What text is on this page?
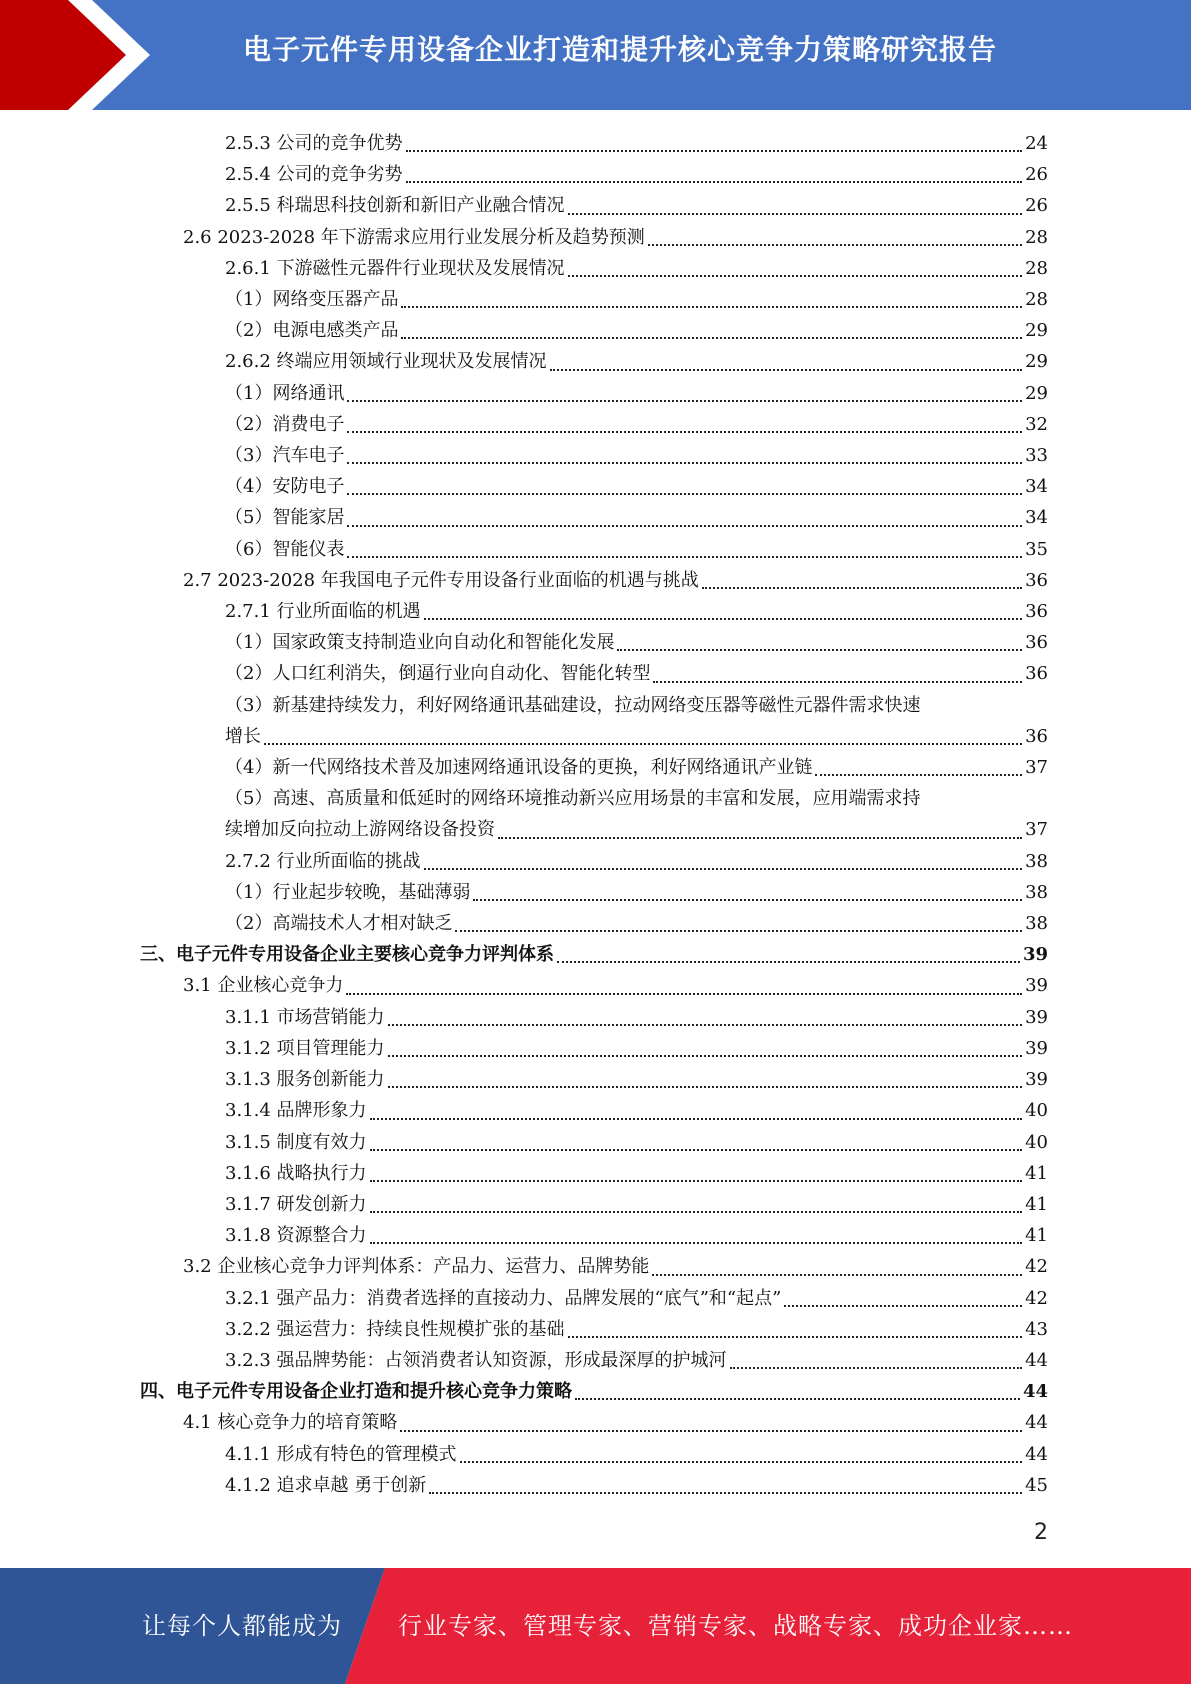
电子元件专用设备企业打造和提升核心竞争力策略研究报告
2.5.3 公司的竞争优势	24
2.5.4 公司的竞争劣势	26
2.5.5 科瑞思科技创新和新旧产业融合情况	26
2.6 2023-2028 年下游需求应用行业发展分析及趋势预测	28
2.6.1 下游磁性元器件行业现状及发展情况	28
（1）网络变压器产品	28
（2）电源电感类产品	29
2.6.2 终端应用领域行业现状及发展情况	29
（1）网络通讯	29
（2）消费电子	32
（3）汽车电子	33
（4）安防电子	34
（5）智能家居	34
（6）智能仪表	35
2.7 2023-2028 年我国电子元件专用设备行业面临的机遇与挑战	36
2.7.1 行业所面临的机遇	36
（1）国家政策支持制造业向自动化和智能化发展	36
（2）人口红利消失，倒逼行业向自动化、智能化转型	36
（3）新基建持续发力，利好网络通讯基础建设，拉动网络变压器等磁性元器件需求快速
增长	36
（4）新一代网络技术普及加速网络通讯设备的更换，利好网络通讯产业链	37
（5）高速、高质量和低延时的网络环境推动新兴应用场景的丰富和发展，应用端需求持
续增加反向拉动上游网络设备投资	37
2.7.2 行业所面临的挑战	38
（1）行业起步较晚，基础薄弱	38
（2）高端技术人才相对缺乏	38
三、电子元件专用设备企业主要核心竞争力评判体系	39
3.1 企业核心竞争力	39
3.1.1 市场营销能力	39
3.1.2 项目管理能力	39
3.1.3 服务创新能力	39
3.1.4 品牌形象力	40
3.1.5 制度有效力	40
3.1.6 战略执行力	41
3.1.7 研发创新力	41
3.1.8 资源整合力	41
3.2 企业核心竞争力评判体系：产品力、运营力、品牌势能	42
3.2.1 强产品力：消费者选择的直接动力、品牌发展的“底气”和“起点”	42
3.2.2 强运营力：持续良性规模扩张的基础	43
3.2.3 强品牌势能：占领消费者认知资源，形成最深厚的护城河	44
四、电子元件专用设备企业打造和提升核心竞争力策略	44
4.1 核心竞争力的培育策略	44
4.1.1 形成有特色的管理模式	44
4.1.2 追求卓越 勇于创新	45
2
让每个人都能成为 行业专家、管理专家、营销专家、战略专家、成功企业家……
